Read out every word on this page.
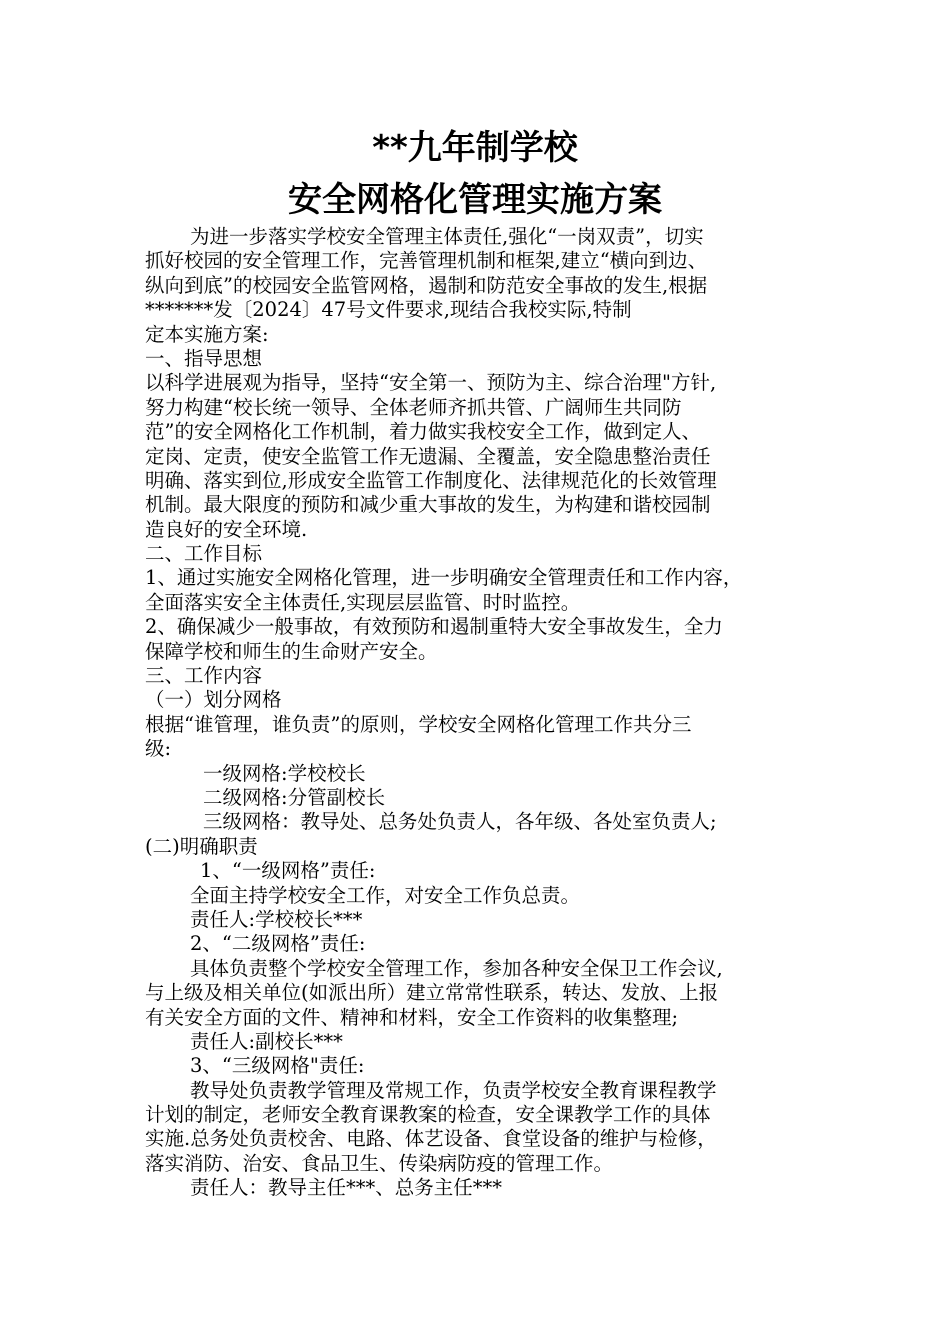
**九年制学校
安全网格化管理实施方案
为进一步落实学校安全管理主体责任,强化“一岗双责”，切实
抓好校园的安全管理工作，完善管理机制和框架,建立“横向到边、
纵向到底”的校园安全监管网格，遏制和防范安全事故的发生,根据
*******发〔2024〕47号文件要求,现结合我校实际,特制
定本实施方案:
一、指导思想
以科学进展观为指导，坚持“安全第一、预防为主、综合治理"方针,
努力构建“校长统一领导、全体老师齐抓共管、广阔师生共同防
范”的安全网格化工作机制，着力做实我校安全工作，做到定人、
定岗、定责，使安全监管工作无遗漏、全覆盖，安全隐患整治责任
明确、落实到位,形成安全监管工作制度化、法律规范化的长效管理
机制。最大限度的预防和减少重大事故的发生，为构建和谐校园制
造良好的安全环境.
二、工作目标
1、通过实施安全网格化管理，进一步明确安全管理责任和工作内容，
全面落实安全主体责任,实现层层监管、时时监控。
2、确保减少一般事故，有效预防和遏制重特大安全事故发生，全力
保障学校和师生的生命财产安全。
三、工作内容
（一）划分网格
根据“谁管理，谁负责”的原则，学校安全网格化管理工作共分三
级:
一级网格:学校校长
二级网格:分管副校长
三级网格：教导处、总务处负责人，各年级、各处室负责人;
(二)明确职责
1、“一级网格”责任:
全面主持学校安全工作，对安全工作负总责。
责任人:学校校长***
2、“二级网格”责任:
具体负责整个学校安全管理工作，参加各种安全保卫工作会议,
与上级及相关单位(如派出所）建立常常性联系，转达、发放、上报
有关安全方面的文件、精神和材料，安全工作资料的收集整理;
责任人:副校长***
3、“三级网格"责任:
教导处负责教学管理及常规工作，负责学校安全教育课程教学
计划的制定，老师安全教育课教案的检查，安全课教学工作的具体
实施.总务处负责校舍、电路、体艺设备、食堂设备的维护与检修，
落实消防、治安、食品卫生、传染病防疫的管理工作。
责任人：教导主任***、总务主任***
